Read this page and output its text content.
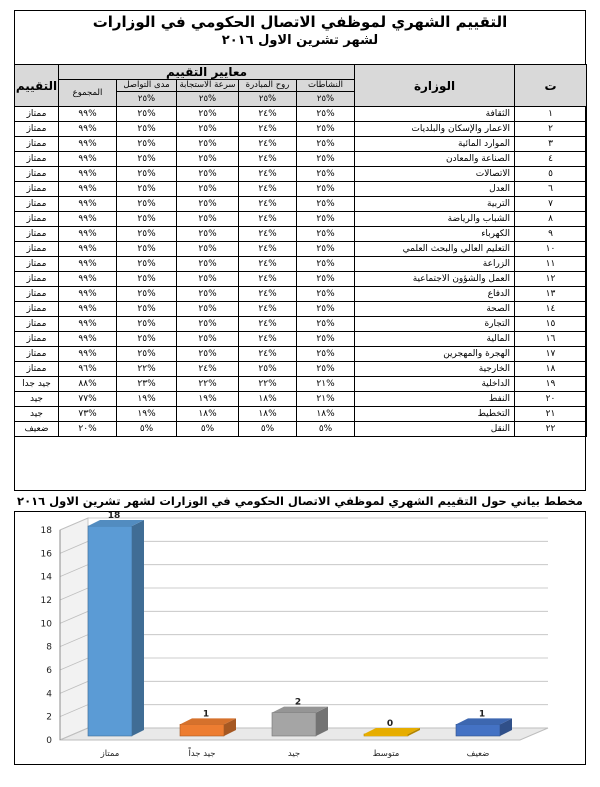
التقييم الشهري لموظفي الاتصال الحكومي في الوزارات
لشهر تشرين الاول ٢٠١٦
ت	الوزارة	معايير التقييم					التقييم
		النشاطات	روح المبادرة	سرعة الاستجابة	مدى التواصل	المجموع	
		%٢٥	%٢٥	%٢٥	%٢٥		
١	الثقافة	%٢٥	%٢٤	%٢٥	%٢٥	%٩٩	ممتاز
٢	الاعمار والإسكان والبلديات	%٢٥	%٢٤	%٢٥	%٢٥	%٩٩	ممتاز
٣	الموارد المائية	%٢٥	%٢٤	%٢٥	%٢٥	%٩٩	ممتاز
٤	الصناعة والمعادن	%٢٥	%٢٤	%٢٥	%٢٥	%٩٩	ممتاز
٥	الاتصالات	%٢٥	%٢٤	%٢٥	%٢٥	%٩٩	ممتاز
٦	العدل	%٢٥	%٢٤	%٢٥	%٢٥	%٩٩	ممتاز
٧	التربية	%٢٥	%٢٤	%٢٥	%٢٥	%٩٩	ممتاز
٨	الشباب والرياضة	%٢٥	%٢٤	%٢٥	%٢٥	%٩٩	ممتاز
٩	الكهرباء	%٢٥	%٢٤	%٢٥	%٢٥	%٩٩	ممتاز
١٠	التعليم العالي والبحث العلمي	%٢٥	%٢٤	%٢٥	%٢٥	%٩٩	ممتاز
١١	الزراعة	%٢٥	%٢٤	%٢٥	%٢٥	%٩٩	ممتاز
١٢	العمل والشؤون الاجتماعية	%٢٥	%٢٤	%٢٥	%٢٥	%٩٩	ممتاز
١٣	الدفاع	%٢٥	%٢٤	%٢٥	%٢٥	%٩٩	ممتاز
١٤	الصحة	%٢٥	%٢٤	%٢٥	%٢٥	%٩٩	ممتاز
١٥	التجارة	%٢٥	%٢٤	%٢٥	%٢٥	%٩٩	ممتاز
١٦	المالية	%٢٥	%٢٤	%٢٥	%٢٥	%٩٩	ممتاز
١٧	الهجرة والمهجرين	%٢٥	%٢٤	%٢٥	%٢٥	%٩٩	ممتاز
١٨	الخارجية	%٢٥	%٢٥	%٢٤	%٢٢	%٩٦	ممتاز
١٩	الداخلية	%٢١	%٢٢	%٢٢	%٢٣	%٨٨	جيد جدا
٢٠	النفط	%٢١	%١٨	%١٩	%١٩	%٧٧	جيد
٢١	التخطيط	%١٨	%١٨	%١٨	%١٩	%٧٣	جيد
٢٢	النقل	%٥	%٥	%٥	%٥	%٢٠	ضعيف
مخطط بياني حول التقييم الشهري لموظفي الاتصال الحكومي في الوزارات لشهر تشرين الاول ٢٠١٦
0
2
4
6
8
10
12
14
16
18
18
ممتاز
1
جيد جداً
2
جيد
0
متوسط
1
ضعيف
